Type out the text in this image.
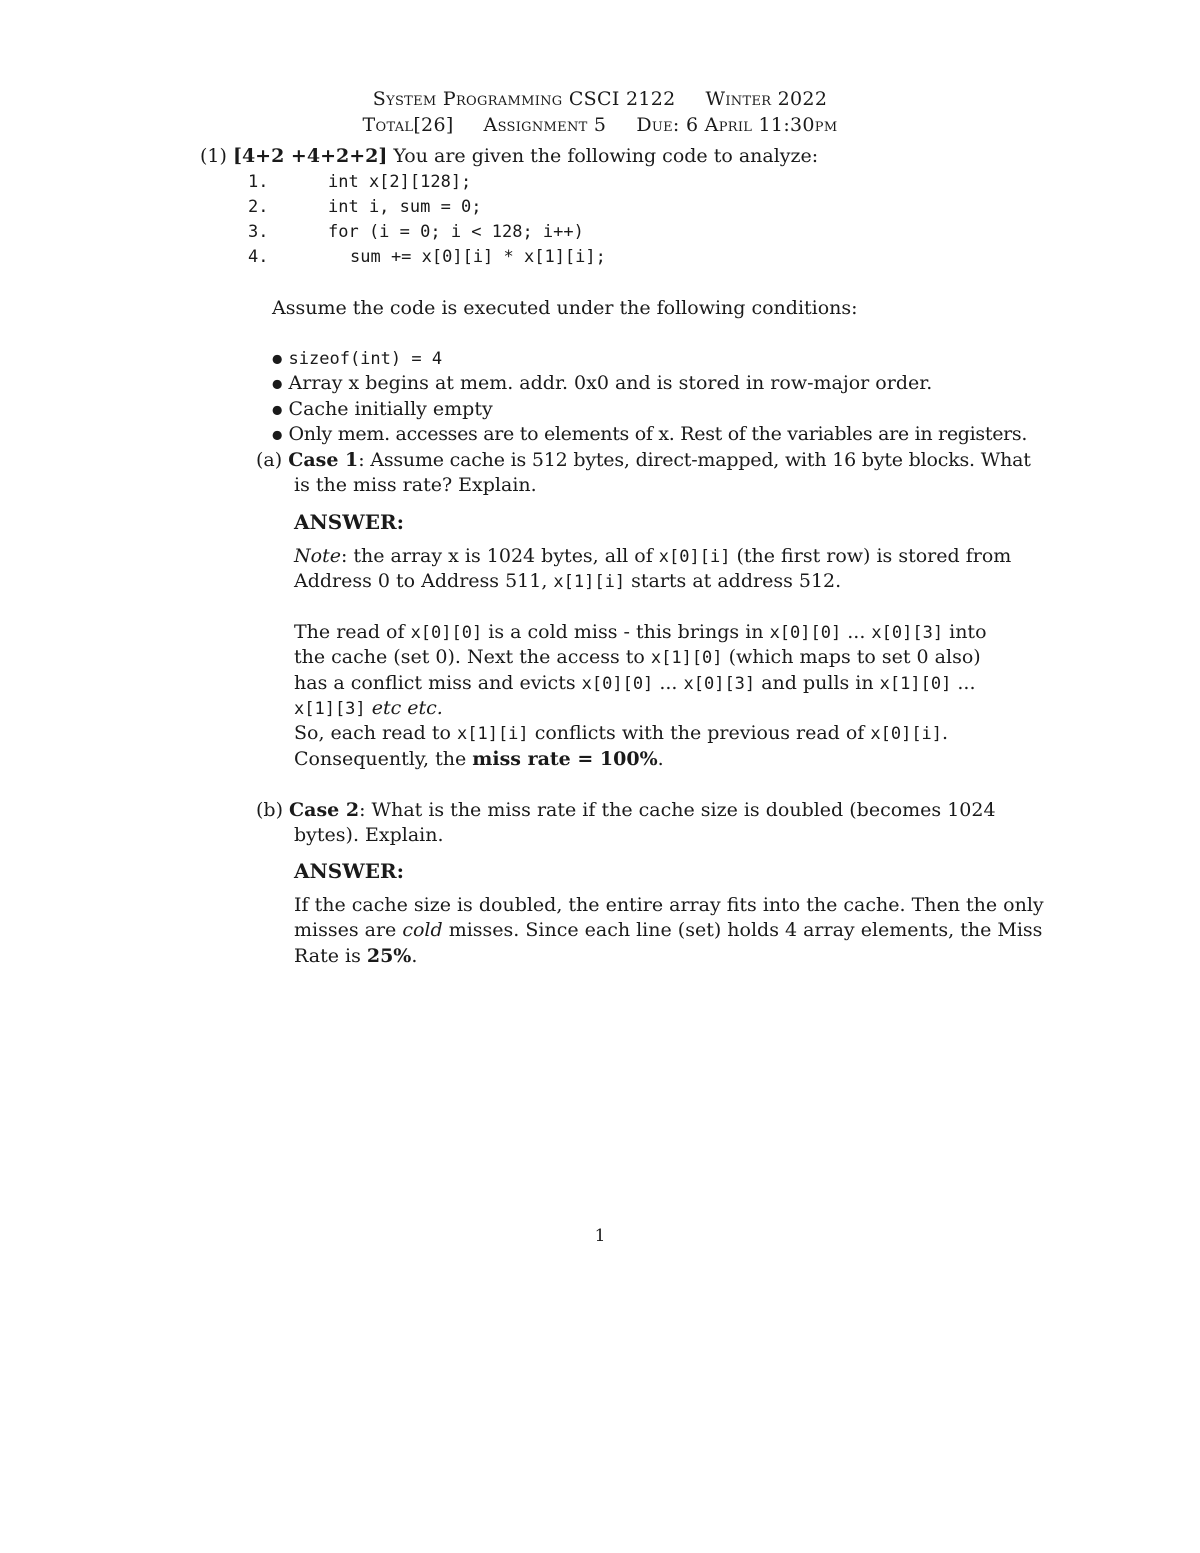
System Programming CSCI 2122 Winter 2022
Total[26] Assignment 5 Due: 6 April 11:30pm
(1) [4+2 +4+2+2] You are given the following code to analyze:
1.	int x[2][128];
2.	int i, sum = 0;
3.	for (i = 0; i < 128; i++)
4.	sum += x[0][i] * x[1][i];
Assume the code is executed under the following conditions:
● sizeof(int) = 4
● Array x begins at mem. addr. 0x0 and is stored in row-major order.
● Cache initially empty
● Only mem. accesses are to elements of x. Rest of the variables are in registers.
(a) Case 1: Assume cache is 512 bytes, direct-mapped, with 16 byte blocks. What
is the miss rate? Explain.
ANSWER:
Note: the array x is 1024 bytes, all of x[0][i] (the first row) is stored from
Address 0 to Address 511, x[1][i] starts at address 512.
The read of x[0][0] is a cold miss - this brings in x[0][0] ... x[0][3] into
the cache (set 0). Next the access to x[1][0] (which maps to set 0 also)
has a conflict miss and evicts x[0][0] ... x[0][3] and pulls in x[1][0] ...
x[1][3] etc etc.
So, each read to x[1][i] conflicts with the previous read of x[0][i].
Consequently, the miss rate = 100%.
(b) Case 2: What is the miss rate if the cache size is doubled (becomes 1024
bytes). Explain.
ANSWER:
If the cache size is doubled, the entire array fits into the cache. Then the only
misses are cold misses. Since each line (set) holds 4 array elements, the Miss
Rate is 25%.
1
